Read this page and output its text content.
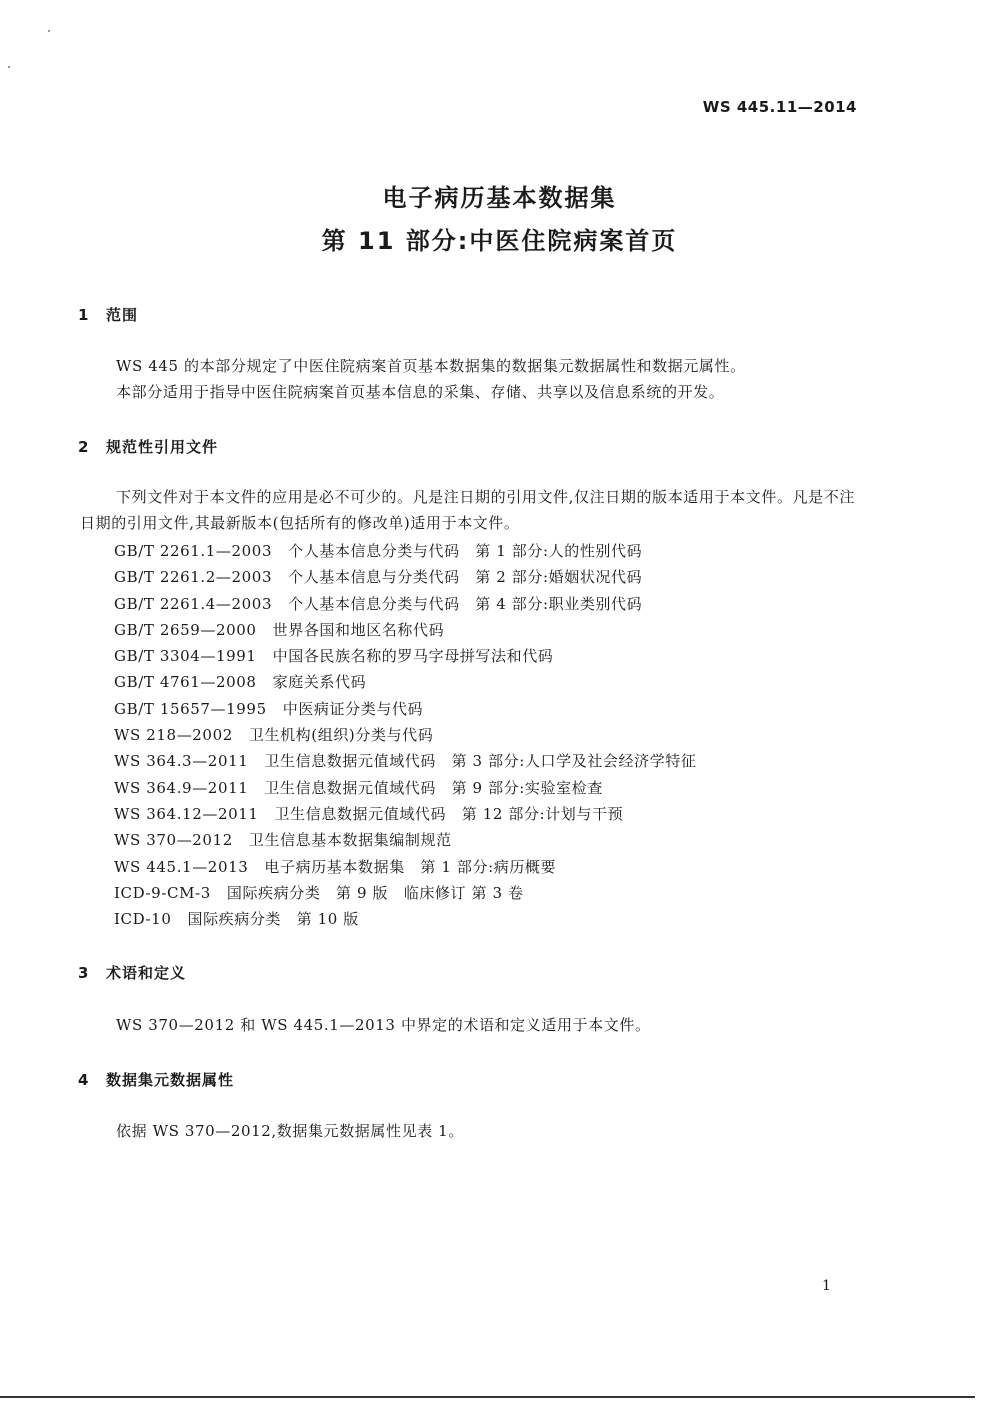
WS 445.11—2014
电子病历基本数据集
第 11 部分:中医住院病案首页
1 范围
WS 445 的本部分规定了中医住院病案首页基本数据集的数据集元数据属性和数据元属性。
本部分适用于指导中医住院病案首页基本信息的采集、存储、共享以及信息系统的开发。
2 规范性引用文件
下列文件对于本文件的应用是必不可少的。凡是注日期的引用文件,仅注日期的版本适用于本文件。凡是不注日期的引用文件,其最新版本(包括所有的修改单)适用于本文件。
GB/T 2261.1—2003 个人基本信息分类与代码　第 1 部分:人的性别代码
GB/T 2261.2—2003 个人基本信息与分类代码　第 2 部分:婚姻状况代码
GB/T 2261.4—2003 个人基本信息分类与代码　第 4 部分:职业类别代码
GB/T 2659—2000 世界各国和地区名称代码
GB/T 3304—1991 中国各民族名称的罗马字母拼写法和代码
GB/T 4761—2008 家庭关系代码
GB/T 15657—1995 中医病证分类与代码
WS 218—2002 卫生机构(组织)分类与代码
WS 364.3—2011 卫生信息数据元值域代码　第 3 部分:人口学及社会经济学特征
WS 364.9—2011 卫生信息数据元值域代码　第 9 部分:实验室检查
WS 364.12—2011 卫生信息数据元值域代码　第 12 部分:计划与干预
WS 370—2012 卫生信息基本数据集编制规范
WS 445.1—2013 电子病历基本数据集　第 1 部分:病历概要
ICD-9-CM-3 国际疾病分类　第 9 版　临床修订 第 3 卷
ICD-10 国际疾病分类　第 10 版
3 术语和定义
WS 370—2012 和 WS 445.1—2013 中界定的术语和定义适用于本文件。
4 数据集元数据属性
依据 WS 370—2012,数据集元数据属性见表 1。
1
